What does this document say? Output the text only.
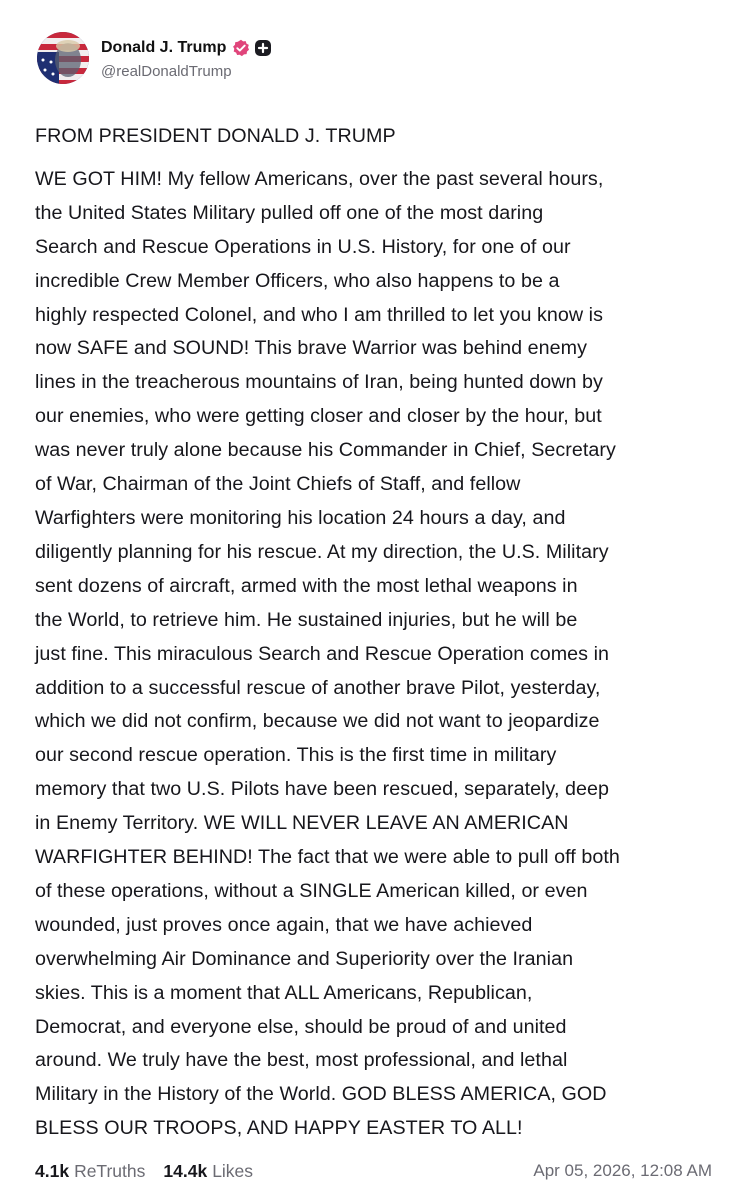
Donald J. Trump
@realDonaldTrump

FROM PRESIDENT DONALD J. TRUMP

WE GOT HIM! My fellow Americans, over the past several hours,
the United States Military pulled off one of the most daring
Search and Rescue Operations in U.S. History, for one of our
incredible Crew Member Officers, who also happens to be a
highly respected Colonel, and who I am thrilled to let you know is
now SAFE and SOUND! This brave Warrior was behind enemy
lines in the treacherous mountains of Iran, being hunted down by
our enemies, who were getting closer and closer by the hour, but
was never truly alone because his Commander in Chief, Secretary
of War, Chairman of the Joint Chiefs of Staff, and fellow
Warfighters were monitoring his location 24 hours a day, and
diligently planning for his rescue. At my direction, the U.S. Military
sent dozens of aircraft, armed with the most lethal weapons in
the World, to retrieve him. He sustained injuries, but he will be
just fine. This miraculous Search and Rescue Operation comes in
addition to a successful rescue of another brave Pilot, yesterday,
which we did not confirm, because we did not want to jeopardize
our second rescue operation. This is the first time in military
memory that two U.S. Pilots have been rescued, separately, deep
in Enemy Territory. WE WILL NEVER LEAVE AN AMERICAN
WARFIGHTER BEHIND! The fact that we were able to pull off both
of these operations, without a SINGLE American killed, or even
wounded, just proves once again, that we have achieved
overwhelming Air Dominance and Superiority over the Iranian
skies. This is a moment that ALL Americans, Republican,
Democrat, and everyone else, should be proud of and united
around. We truly have the best, most professional, and lethal
Military in the History of the World. GOD BLESS AMERICA, GOD
BLESS OUR TROOPS, AND HAPPY EASTER TO ALL!

4.1k ReTruths 14.4k Likes	Apr 05, 2026, 12:08 AM
